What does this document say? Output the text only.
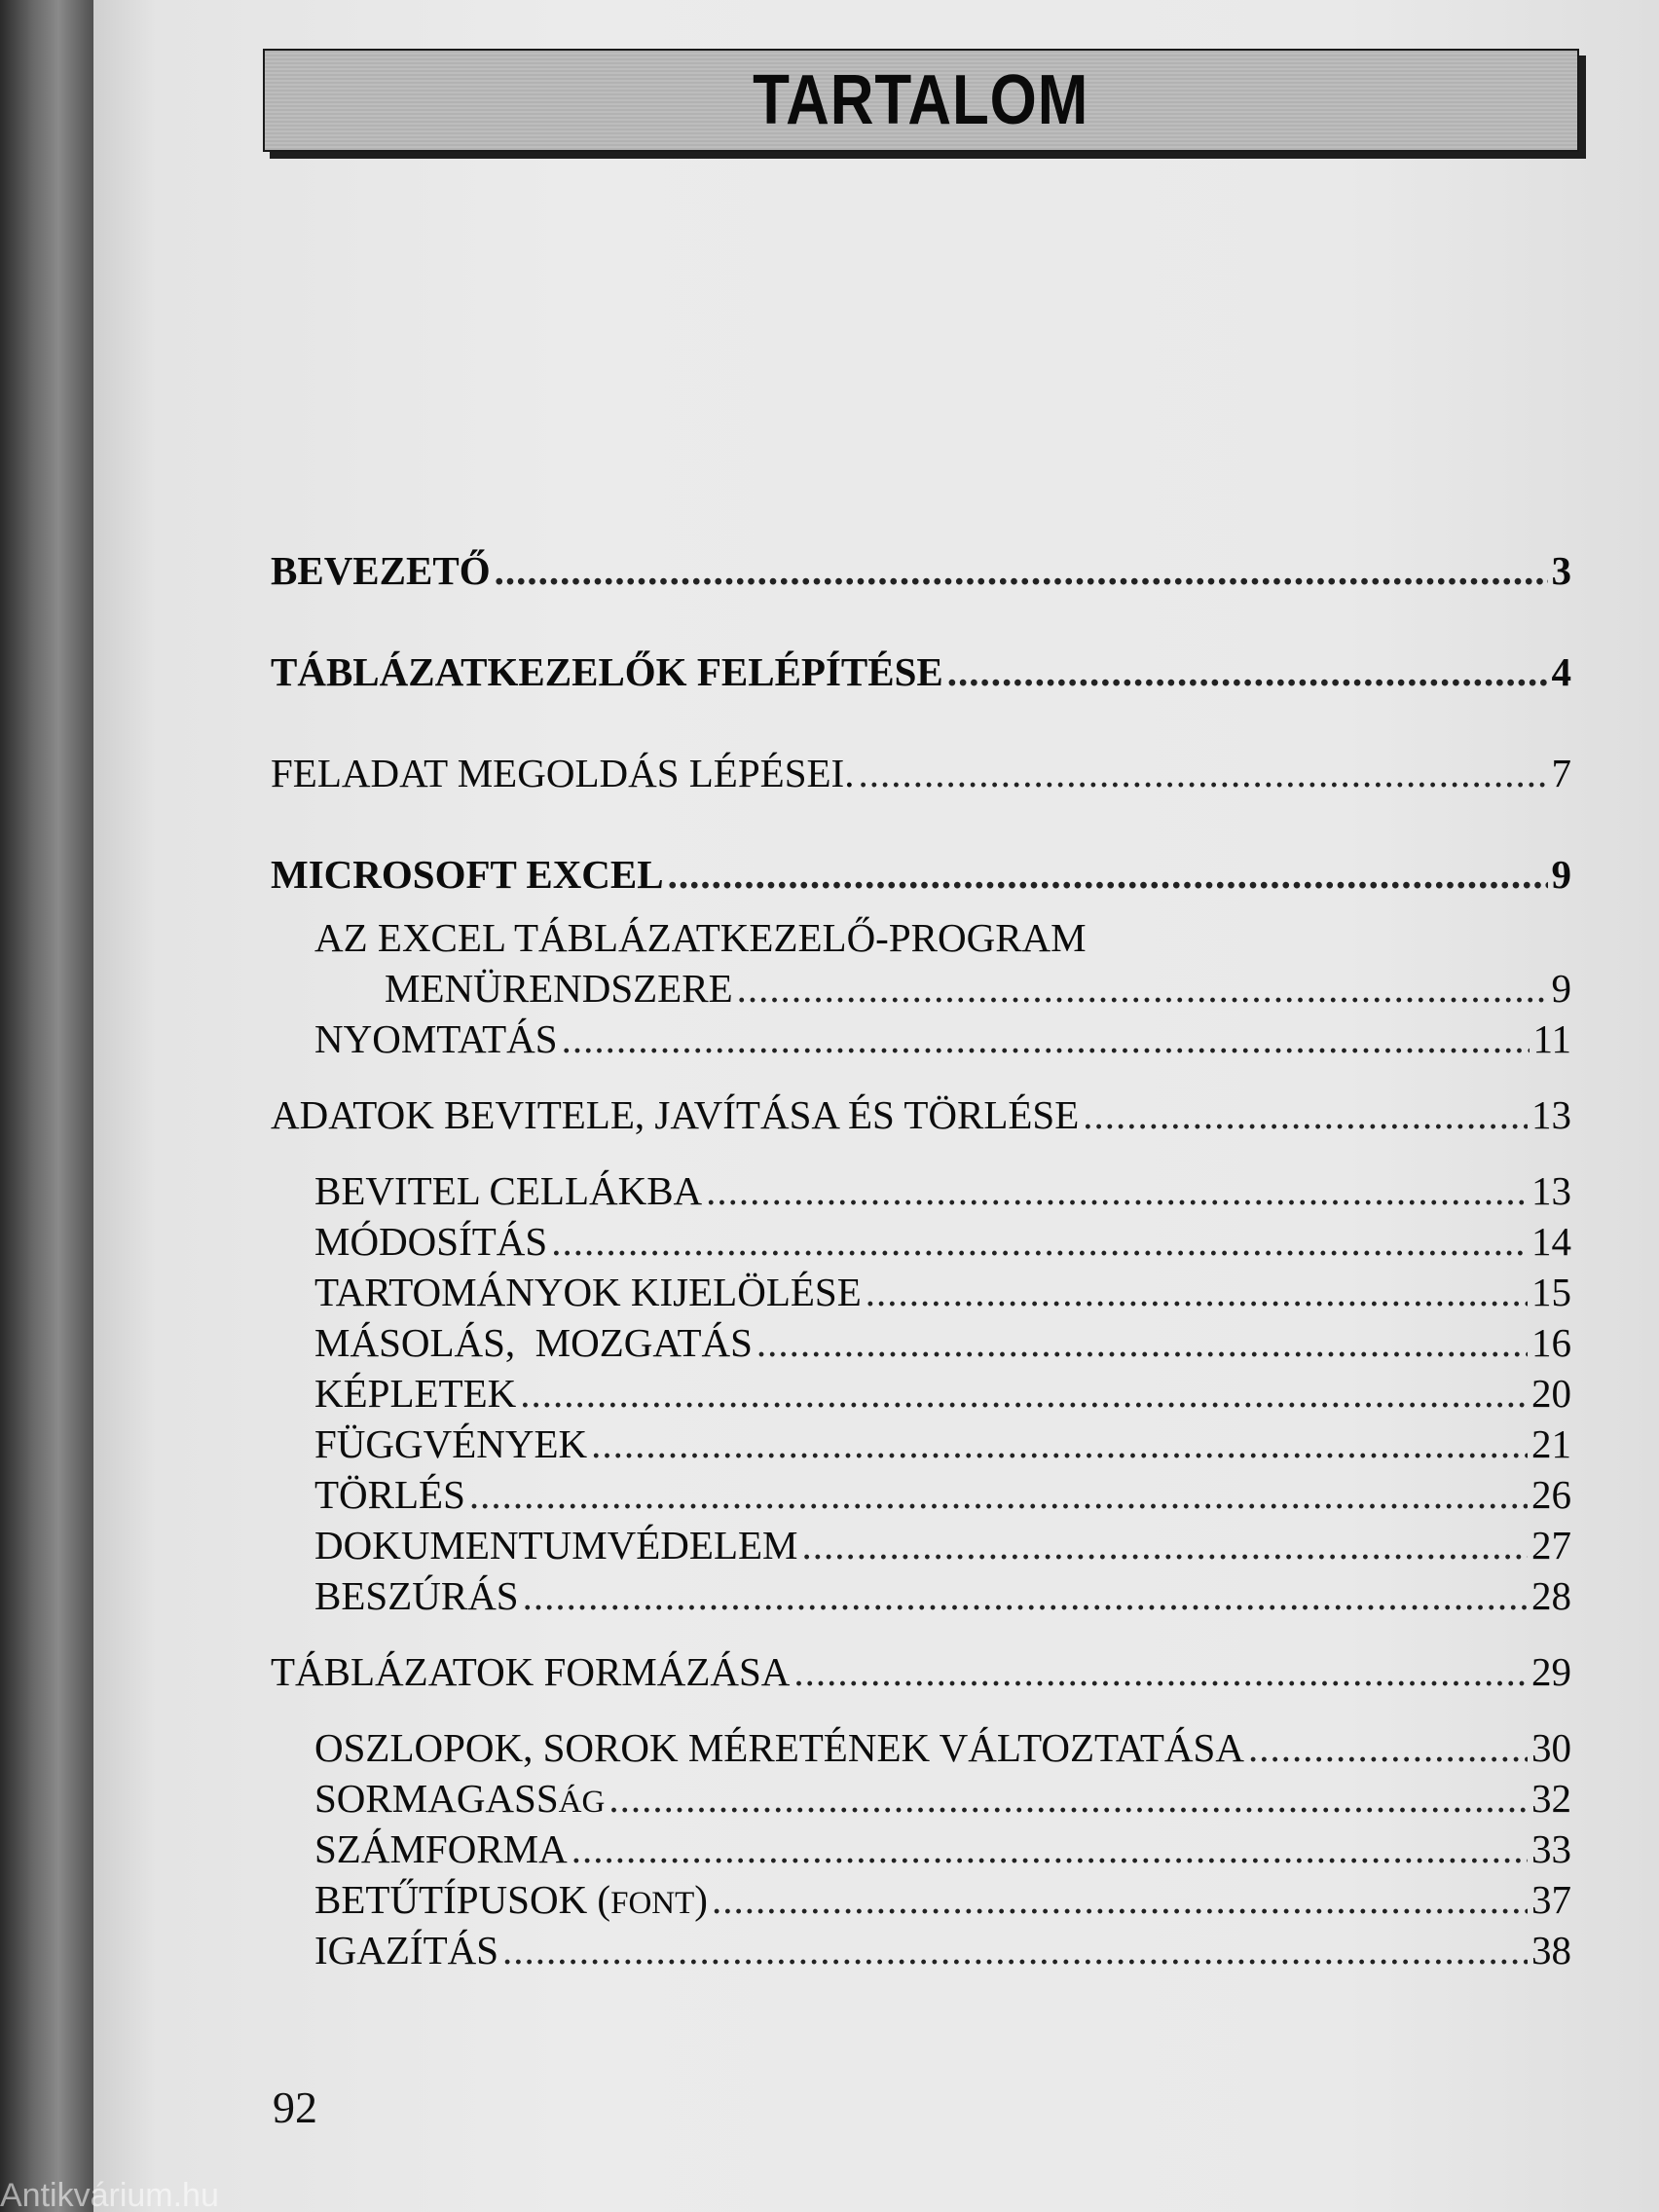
TARTALOM
BEVEZETŐ .....	3
TÁBLÁZATKEZELŐK FELÉPÍTÉSE .....	4
FELADAT MEGOLDÁS LÉPÉSEI. .....	7
MICROSOFT EXCEL .....	9
AZ EXCEL TÁBLÁZATKEZELŐ-PROGRAM
MENÜRENDSZERE .....	9
NYOMTATÁS .....	11
ADATOK BEVITELE, JAVÍTÁSA ÉS TÖRLÉSE .....	13
BEVITEL CELLÁKBA .....	13
MÓDOSÍTÁS .....	14
TARTOMÁNYOK KIJELÖLÉSE .....	15
MÁSOLÁS,  MOZGATÁS .....	16
KÉPLETEK .....	20
FÜGGVÉNYEK .....	21
TÖRLÉS .....	26
DOKUMENTUMVÉDELEM .....	27
BESZÚRÁS .....	28
TÁBLÁZATOK FORMÁZÁSA .....	29
OSZLOPOK, SOROK MÉRETÉNEK VÁLTOZTATÁSA .....	30
SORMAGASSÁG .....	32
SZÁMFORMA .....	33
BETŰTÍPUSOK (FONT) .....	37
IGAZÍTÁS .....	38
92
Antikvárium.hu
